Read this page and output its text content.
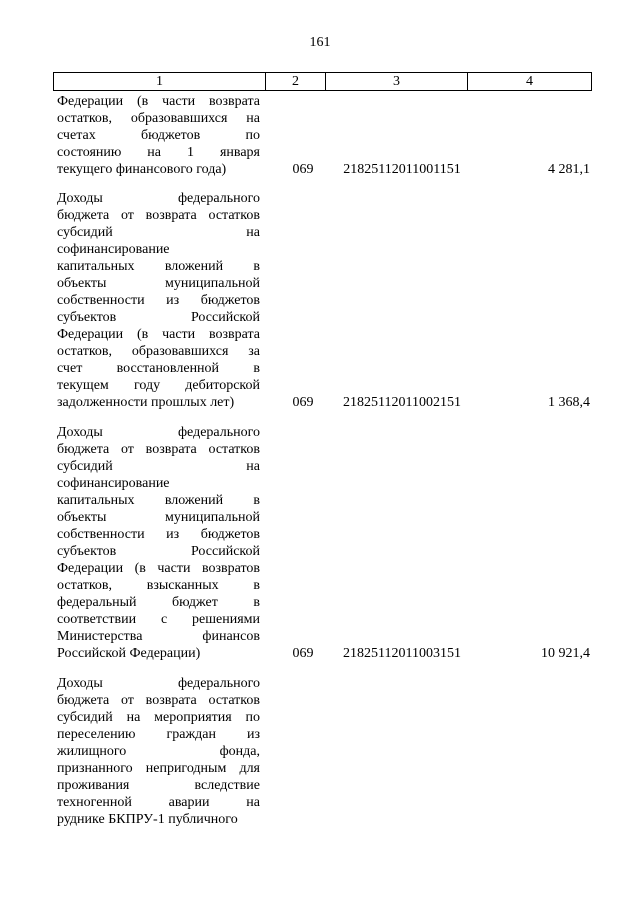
161
1	2	3	4
Федерации (в части возврата
остатков, образовавшихся на
счетах бюджетов по
состоянию на 1 января
текущего финансового года)	069	21825112011001151	4 281,1
Доходы федерального
бюджета от возврата остатков
субсидий на
софинансирование
капитальных вложений в
объекты муниципальной
собственности из бюджетов
субъектов Российской
Федерации (в части возврата
остатков, образовавшихся за
счет восстановленной в
текущем году дебиторской
задолженности прошлых лет)	069	21825112011002151	1 368,4
Доходы федерального
бюджета от возврата остатков
субсидий на
софинансирование
капитальных вложений в
объекты муниципальной
собственности из бюджетов
субъектов Российской
Федерации (в части возвратов
остатков, взысканных в
федеральный бюджет в
соответствии с решениями
Министерства финансов
Российской Федерации)	069	21825112011003151	10 921,4
Доходы федерального
бюджета от возврата остатков
субсидий на мероприятия по
переселению граждан из
жилищного фонда,
признанного непригодным для
проживания вследствие
техногенной аварии на
руднике БКПРУ-1 публичного
